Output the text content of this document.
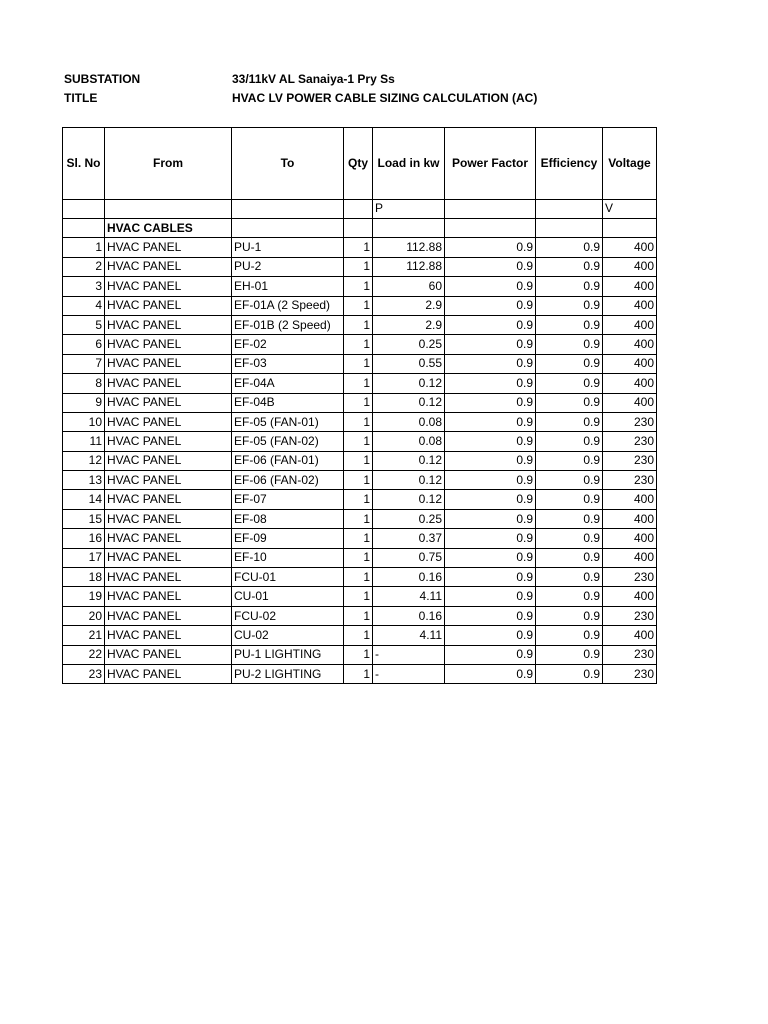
SUBSTATION	33/11kV AL Sanaiya-1 Pry Ss
TITLE	HVAC LV POWER CABLE SIZING CALCULATION (AC)
Sl. No	From	To	Qty	Load in kw	Power Factor	Efficiency	Voltage
				P			V
	HVAC CABLES						
1	HVAC PANEL	PU-1	1	112.88	0.9	0.9	400
2	HVAC PANEL	PU-2	1	112.88	0.9	0.9	400
3	HVAC PANEL	EH-01	1	60	0.9	0.9	400
4	HVAC PANEL	EF-01A (2 Speed)	1	2.9	0.9	0.9	400
5	HVAC PANEL	EF-01B (2 Speed)	1	2.9	0.9	0.9	400
6	HVAC PANEL	EF-02	1	0.25	0.9	0.9	400
7	HVAC PANEL	EF-03	1	0.55	0.9	0.9	400
8	HVAC PANEL	EF-04A	1	0.12	0.9	0.9	400
9	HVAC PANEL	EF-04B	1	0.12	0.9	0.9	400
10	HVAC PANEL	EF-05 (FAN-01)	1	0.08	0.9	0.9	230
11	HVAC PANEL	EF-05 (FAN-02)	1	0.08	0.9	0.9	230
12	HVAC PANEL	EF-06 (FAN-01)	1	0.12	0.9	0.9	230
13	HVAC PANEL	EF-06 (FAN-02)	1	0.12	0.9	0.9	230
14	HVAC PANEL	EF-07	1	0.12	0.9	0.9	400
15	HVAC PANEL	EF-08	1	0.25	0.9	0.9	400
16	HVAC PANEL	EF-09	1	0.37	0.9	0.9	400
17	HVAC PANEL	EF-10	1	0.75	0.9	0.9	400
18	HVAC PANEL	FCU-01	1	0.16	0.9	0.9	230
19	HVAC PANEL	CU-01	1	4.11	0.9	0.9	400
20	HVAC PANEL	FCU-02	1	0.16	0.9	0.9	230
21	HVAC PANEL	CU-02	1	4.11	0.9	0.9	400
22	HVAC PANEL	PU-1 LIGHTING	1	-	0.9	0.9	230
23	HVAC PANEL	PU-2 LIGHTING	1	-	0.9	0.9	230
